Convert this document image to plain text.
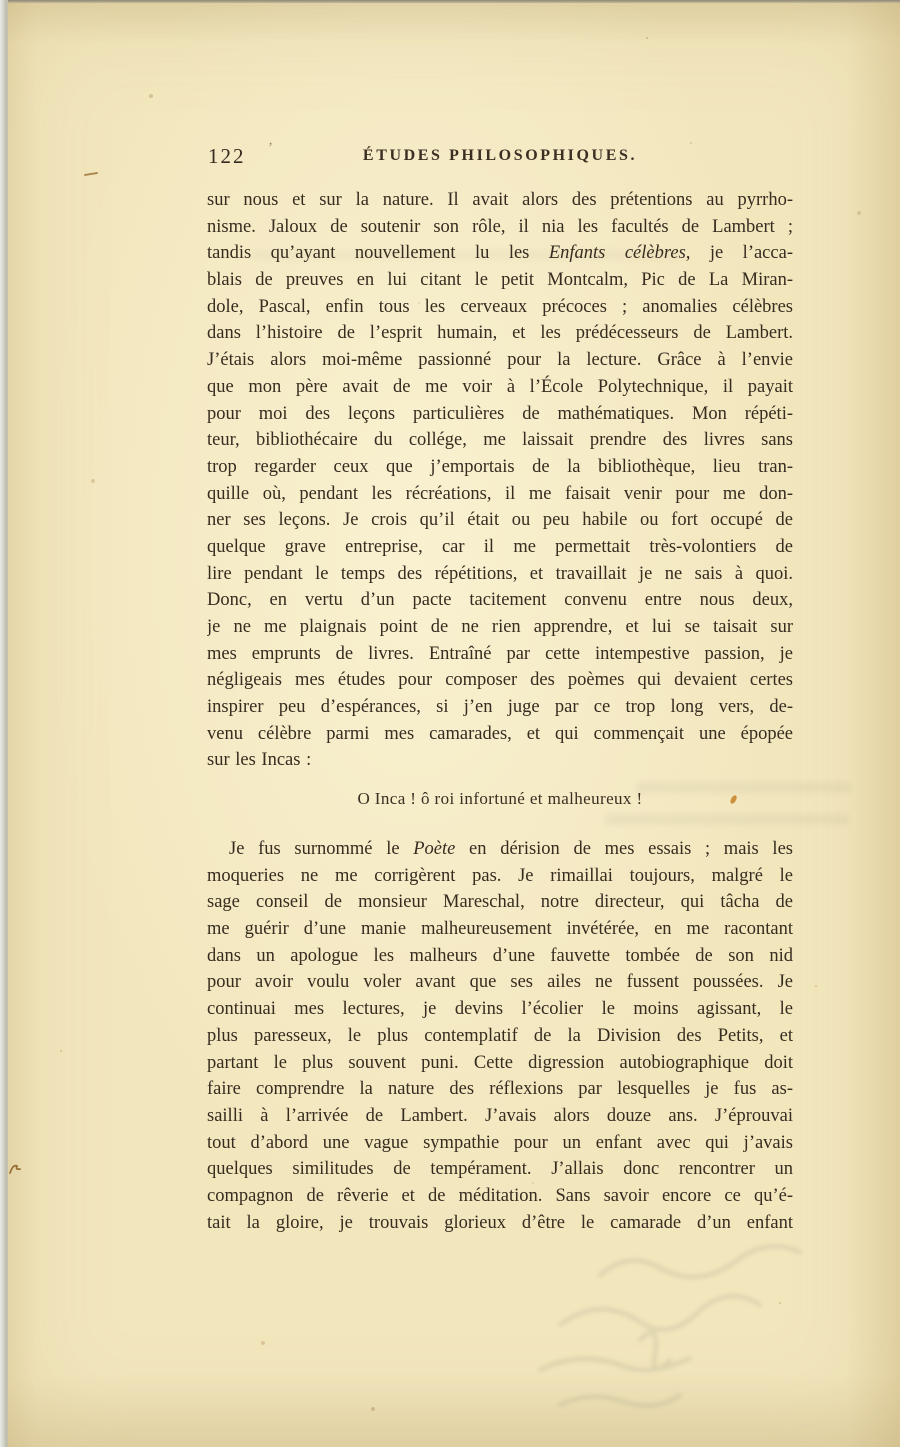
122	ÉTUDES PHILOSOPHIQUES.
’
sur nous et sur la nature. Il avait alors des prétentions au pyrrho-
nisme. Jaloux de soutenir son rôle, il nia les facultés de Lambert ;
tandis qu’ayant nouvellement lu les Enfants célèbres, je l’acca-
blais de preuves en lui citant le petit Montcalm, Pic de La Miran-
dole, Pascal, enfin tous les cerveaux précoces ; anomalies célèbres
dans l’histoire de l’esprit humain, et les prédécesseurs de Lambert.
J’étais alors moi-même passionné pour la lecture. Grâce à l’envie
que mon père avait de me voir à l’École Polytechnique, il payait
pour moi des leçons particulières de mathématiques. Mon répéti-
teur, bibliothécaire du collége, me laissait prendre des livres sans
trop regarder ceux que j’emportais de la bibliothèque, lieu tran-
quille où, pendant les récréations, il me faisait venir pour me don-
ner ses leçons. Je crois qu’il était ou peu habile ou fort occupé de
quelque grave entreprise, car il me permettait très-volontiers de
lire pendant le temps des répétitions, et travaillait je ne sais à quoi.
Donc, en vertu d’un pacte tacitement convenu entre nous deux,
je ne me plaignais point de ne rien apprendre, et lui se taisait sur
mes emprunts de livres. Entraîné par cette intempestive passion, je
négligeais mes études pour composer des poèmes qui devaient certes
inspirer peu d’espérances, si j’en juge par ce trop long vers, de-
venu célèbre parmi mes camarades, et qui commençait une épopée
sur les Incas :
O Inca ! ô roi infortuné et malheureux !
Je fus surnommé le Poète en dérision de mes essais ; mais les
moqueries ne me corrigèrent pas. Je rimaillai toujours, malgré le
sage conseil de monsieur Mareschal, notre directeur, qui tâcha de
me guérir d’une manie malheureusement invétérée, en me racontant
dans un apologue les malheurs d’une fauvette tombée de son nid
pour avoir voulu voler avant que ses ailes ne fussent poussées. Je
continuai mes lectures, je devins l’écolier le moins agissant, le
plus paresseux, le plus contemplatif de la Division des Petits, et
partant le plus souvent puni. Cette digression autobiographique doit
faire comprendre la nature des réflexions par lesquelles je fus as-
sailli à l’arrivée de Lambert. J’avais alors douze ans. J’éprouvai
tout d’abord une vague sympathie pour un enfant avec qui j’avais
quelques similitudes de tempérament. J’allais donc rencontrer un
compagnon de rêverie et de méditation. Sans savoir encore ce qu’é-
tait la gloire, je trouvais glorieux d’être le camarade d’un enfant
